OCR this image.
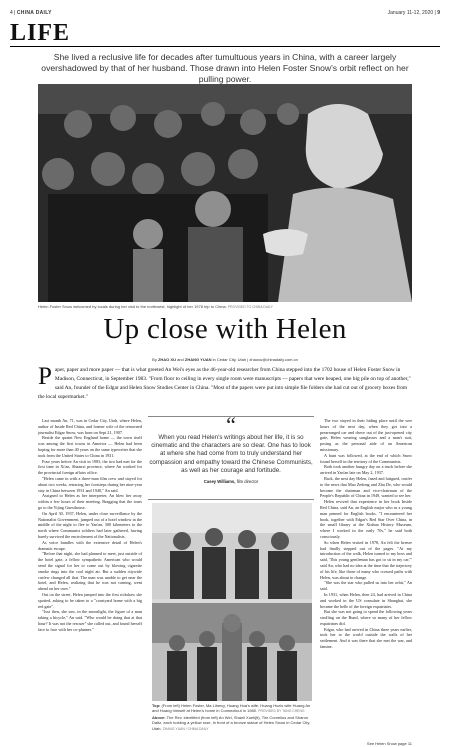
4 | CHINA DAILY	January 11-12, 2020 | 9
LIFE
She lived a reclusive life for decades after tumultuous years in China, with a career largely overshadowed by that of her husband. Those drawn into Helen Foster Snow's orbit reflect on her pulling power.
Helen Foster Snow welcomed by locals during her visit to the northwest, highlight of her 1978 trip to China. PROVIDED TO CHINA DAILY
Up close with Helen
By ZHAO XU and ZHANG YUAN in Cedar City, Utah | zhaoxu@chinadaily.com.cn
P aper, paper and more paper — that is what greeted An Wei's eyes as the 46-year-old researcher from China stepped into the 1702 house of Helen Foster Snow in Madison, Connecticut, in September 1983. "From floor to ceiling in every single room were manuscripts — papers that were heaped, one big pile on top of another," said An, founder of the Edgar and Helen Snow Studies Center in China. "Most of the papers were put into simple file folders she had cut out of grocery boxes from the local supermarket."

Last month An, 71, was in Cedar City, Utah, where Helen, author of Inside Red China, and former wife of the renowned journalist Edgar Snow, was born on Sept 21, 1907.

Beside the quaint New England home — the town itself was among the first towns in America — Helen had been hoping for more than 40 years on the same typewriter that she took from the United States to China in 1931.

Four years before An visit in 1983, the two had met for the first time in Xi'an, Shaanxi province, where An worked for the provincial foreign affairs office.

"Helen came in with a three-man film crew and stayed for about two weeks, retracing her footsteps during her nine-year stay in China between 1931 and 1940," An said.

Assigned to Helen as her interpreter, An blew her away within a few hours of their meeting. Bragging that the tours go to the Yijing Guesthouse.

On April 30, 1937, Helen, under close surveillance by the Nationalist Government, jumped out of a hotel window in the middle of the night to flee to Yan'an, 300 kilometers to the north where Communist soldiers had later gathered, having barely survived the encirclement of the Nationalists.

As voice bundles with the extensive detail of Helen's dramatic escape.

"Before that night, she had planned to meet, just outside of the hotel gate, a fellow sympathetic American who would send the signal for her to come out by blowing cigarette smoke rings into the cool night air. But a sudden citywide curfew changed all that. The man was unable to get near the hotel, and Helen, realizing that he was not coming, went ahead on her own."

Out on the street, Helen jumped into the first rickshaw she spotted, asking to be taken to a "courtyard home with a big red gate".

"Just then, she saw, in the moonlight, the figure of a man taking a bicycle," An said. "Who would be doing that at that hour? It was not the rescuer" she called out, and found herself face to face with her co-planner."

“
When you read Helen's writings about her life, it is so cinematic and the characters are so clear. One has to look at where she had come from to truly understand her compassion and empathy toward the Chinese Communists, as well as her courage and fortitude.
Casey Williams, film director
Top: (From left) Helen Foster, Ma Liheng, Huang Hua's wife, Huang Hua's wife Huang An and Huang himself at Helen's home in Connecticut in 1980. PROVIDED BY TANG CHENG Above: The Rev. identified (from left) An Wei, Shanli Xueli(lt), Tim Cornelius and Sharon Daltz, each holding a yellow rose, in front of a bronze statue of Helen Snow in Cedar City, Utah. ZHANG YUAN / CHINA DAILY

The two stayed in their hiding place until the wee hours of the next day, when they got into a prearranged car and drove out of the just-opened city gate, Helen wearing sunglasses and a man's suit, posing as the personal aide of an American missionary.

A hunt was followed, at the end of which Snow found herself in the territory of the Communists.

Both took another hungry day on a truck before she arrived in Yan'an late on May 2, 1937.

Back, the next day Helen, fazed and fatigued, confer to the news that Mao Zedong and Zhu De, who would become the chairman and vice-chairman of the People's Republic of China in 1949, wanted to see her.

Helen revived that experience in her book Inside Red China, said An, an English major who as a young man penned for English books. "I encountered her book, together with Edgar's Red Star Over China, in the small library at the Xinhua History Museum, where I worked in the early 70s," he said both consciously.

So when Helen visited in 1978, An felt the breeze had finally stepped out of the pages. "At my introduction of the walk, Helen turned to my boss and said, 'This young gentleman has got to sit in my car,'" said An, who had no idea at the time that the trajectory of his life, like those of many who crossed paths with Helen, was about to change.

"She was the star who pulled us into her orbit," An said.

In 1931, when Helen, then 24, had arrived in China and worked in the US consulate in Shanghai, she became the belle of the foreign expatriates.

But she was not going to spend the following years strolling on the Bund, where so many of her fellow expatriates did.

Edgar, who had arrived in China three years earlier, took her to the world outside the walls of her settlement. And it was there that she met the war, and famine.

See Helen Snow page 11
